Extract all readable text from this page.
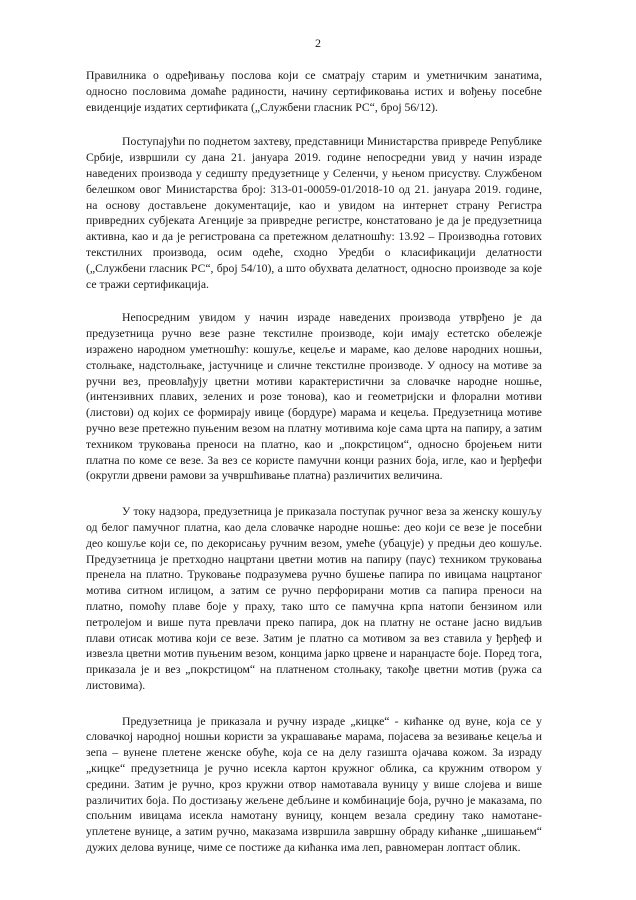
2

Правилника о одређивању послова који се сматрају старим и уметничким занатима, односно пословима домаће радиности, начину сертификовања истих и вођењу посебне евиденције издатих сертификата („Службени гласник РС“, број 56/12).

Поступајући по поднетом захтеву, представници Министарства привреде Републике Србије, извршили су дана 21. јануара 2019. године непосредни увид у начин израде наведених производа у седишту предузетнице у Селенчи, у њеном присуству. Службеном белешком овог Министарства број: 313-01-00059-01/2018-10 од 21. јануара 2019. године, на основу достављене документације, као и увидом на интернет страну Регистра привредних субјеката Агенције за привредне регистре, констатовано је да је предузетница активна, као и да је регистрована са претежном делатношћу: 13.92 – Производња готових текстилних производа, осим одеће, сходно Уредби о класификацији делатности („Службени гласник РС“, број 54/10), а што обухвата делатност, односно производе за које се тражи сертификација.

Непосредним увидом у начин израде наведених производа утврђено је да предузетница ручно везе разне текстилне производе, који имају естетско обележје изражено народном уметношћу: кошуље, кецеље и мараме, као делове народних ношњи, столњаке, надстолњаке, јастучнице и сличне текстилне производе. У односу на мотиве за ручни вез, преовлађују цветни мотиви карактеристични за словачке народне ношње, (интензивних плавих, зелених и розе тонова), као и геометријски и флорални мотиви (листови) од којих се формирају ивице (бордуре) марама и кецеља. Предузетница мотиве ручно везе претежно пуњеним везом на платну мотивима које сама црта на папиру, а затим техником труковања преноси на платно, као и „покрстицом“, односно бројењем нити платна по коме се везе. За вез се користе памучни конци разних боја, игле, као и ђерђефи (округли дрвени рамови за учвршћивање платна) различитих величина.

У току надзора, предузетница је приказала поступак ручног веза за женску кошуљу од белог памучног платна, као дела словачке народне ношње: део који се везе је посебни део кошуље који се, по декорисању ручним везом, умеће (убацује) у предњи део кошуље. Предузетница је претходно нацртани цветни мотив на папиру (паус) техником труковања пренела на платно. Труковање подразумева ручно бушење папира по ивицама нацртаног мотива ситном иглицом, а затим се ручно перфорирани мотив са папира преноси на платно, помоћу плаве боје у праху, тако што се памучна крпа натопи бензином или петролејом и више пута превлачи преко папира, док на платну не остане јасно видљив плави отисак мотива који се везе. Затим је платно са мотивом за вез ставила у ђерђеф и извезла цветни мотив пуњеним везом, концима јарко црвене и наранџасте боје. Поред тога, приказала је и вез „покрстицом“ на платненом столњаку, такође цветни мотив (ружа са листовима).

Предузетница је приказала и ручну израде „кицке“ - кићанке од вуне, која се у словачкој народној ношњи користи за украшавање марама, појасева за везивање кецеља и зепа – вунене плетене женске обуће, која се на делу газишта ојачава кожом. За израду „кицке“ предузетница је ручно исекла картон кружног облика, са кружним отвором у средини. Затим је ручно, кроз кружни отвор намотавала вуницу у више слојева и више различитих боја. По достизању жељене дебљине и комбинације боја, ручно је маказама, по спољним ивицама исекла намотану вуницу, концем везала средину тако намотане-уплетене вунице, а затим ручно, маказама извршила завршну обраду кићанке „шишањем“ дужих делова вунице, чиме се постиже да кићанка има леп, равномеран лоптаст облик.
